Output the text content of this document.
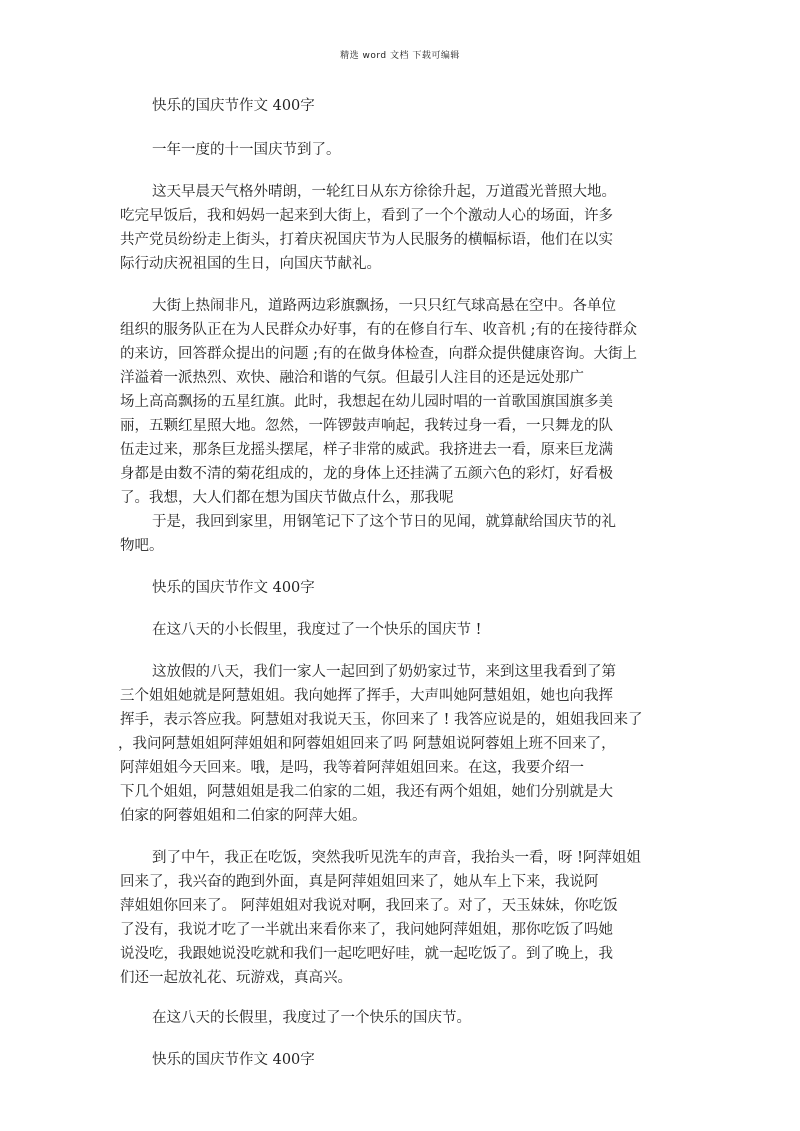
精选 word 文档 下载可编辑
快乐的国庆节作文 400字
一年一度的十一国庆节到了。
这天早晨天气格外晴朗，一轮红日从东方徐徐升起，万道霞光普照大地。
吃完早饭后，我和妈妈一起来到大街上，看到了一个个激动人心的场面，许多
共产党员纷纷走上街头，打着庆祝国庆节为人民服务的横幅标语，他们在以实
际行动庆祝祖国的生日，向国庆节献礼。
大街上热闹非凡，道路两边彩旗飘扬，一只只红气球高悬在空中。各单位
组织的服务队正在为人民群众办好事，有的在修自行车、收音机 ;有的在接待群众
的来访，回答群众提出的问题 ;有的在做身体检查，向群众提供健康咨询。大街上
洋溢着一派热烈、欢快、融洽和谐的气氛。但最引人注目的还是远处那广
场上高高飘扬的五星红旗。此时，我想起在幼儿园时唱的一首歌国旗国旗多美
丽，五颗红星照大地。忽然，一阵锣鼓声响起，我转过身一看，一只舞龙的队
伍走过来，那条巨龙摇头摆尾，样子非常的威武。我挤进去一看，原来巨龙满
身都是由数不清的菊花组成的，龙的身体上还挂满了五颜六色的彩灯，好看极
了。我想，大人们都在想为国庆节做点什么，那我呢
于是，我回到家里，用钢笔记下了这个节日的见闻，就算献给国庆节的礼
物吧。
快乐的国庆节作文 400字
在这八天的小长假里，我度过了一个快乐的国庆节 !
这放假的八天，我们一家人一起回到了奶奶家过节，来到这里我看到了第
三个姐姐她就是阿慧姐姐。我向她挥了挥手，大声叫她阿慧姐姐，她也向我挥
挥手，表示答应我。阿慧姐对我说天玉，你回来了 ! 我答应说是的，姐姐我回来了
，我问阿慧姐姐阿萍姐姐和阿蓉姐姐回来了吗 阿慧姐说阿蓉姐上班不回来了，
阿萍姐姐今天回来。哦，是吗，我等着阿萍姐姐回来。在这，我要介绍一
下几个姐姐，阿慧姐姐是我二伯家的二姐，我还有两个姐姐，她们分别就是大
伯家的阿蓉姐姐和二伯家的阿萍大姐。
到了中午，我正在吃饭，突然我听见洗车的声音，我抬头一看，呀 !阿萍姐姐
回来了，我兴奋的跑到外面，真是阿萍姐姐回来了，她从车上下来，我说阿
萍姐姐你回来了。 阿萍姐姐对我说对啊，我回来了。对了，天玉妹妹，你吃饭
了没有，我说才吃了一半就出来看你来了，我问她阿萍姐姐，那你吃饭了吗她
说没吃，我跟她说没吃就和我们一起吃吧好哇，就一起吃饭了。到了晚上，我
们还一起放礼花、玩游戏，真高兴。
在这八天的长假里，我度过了一个快乐的国庆节。
快乐的国庆节作文 400字
